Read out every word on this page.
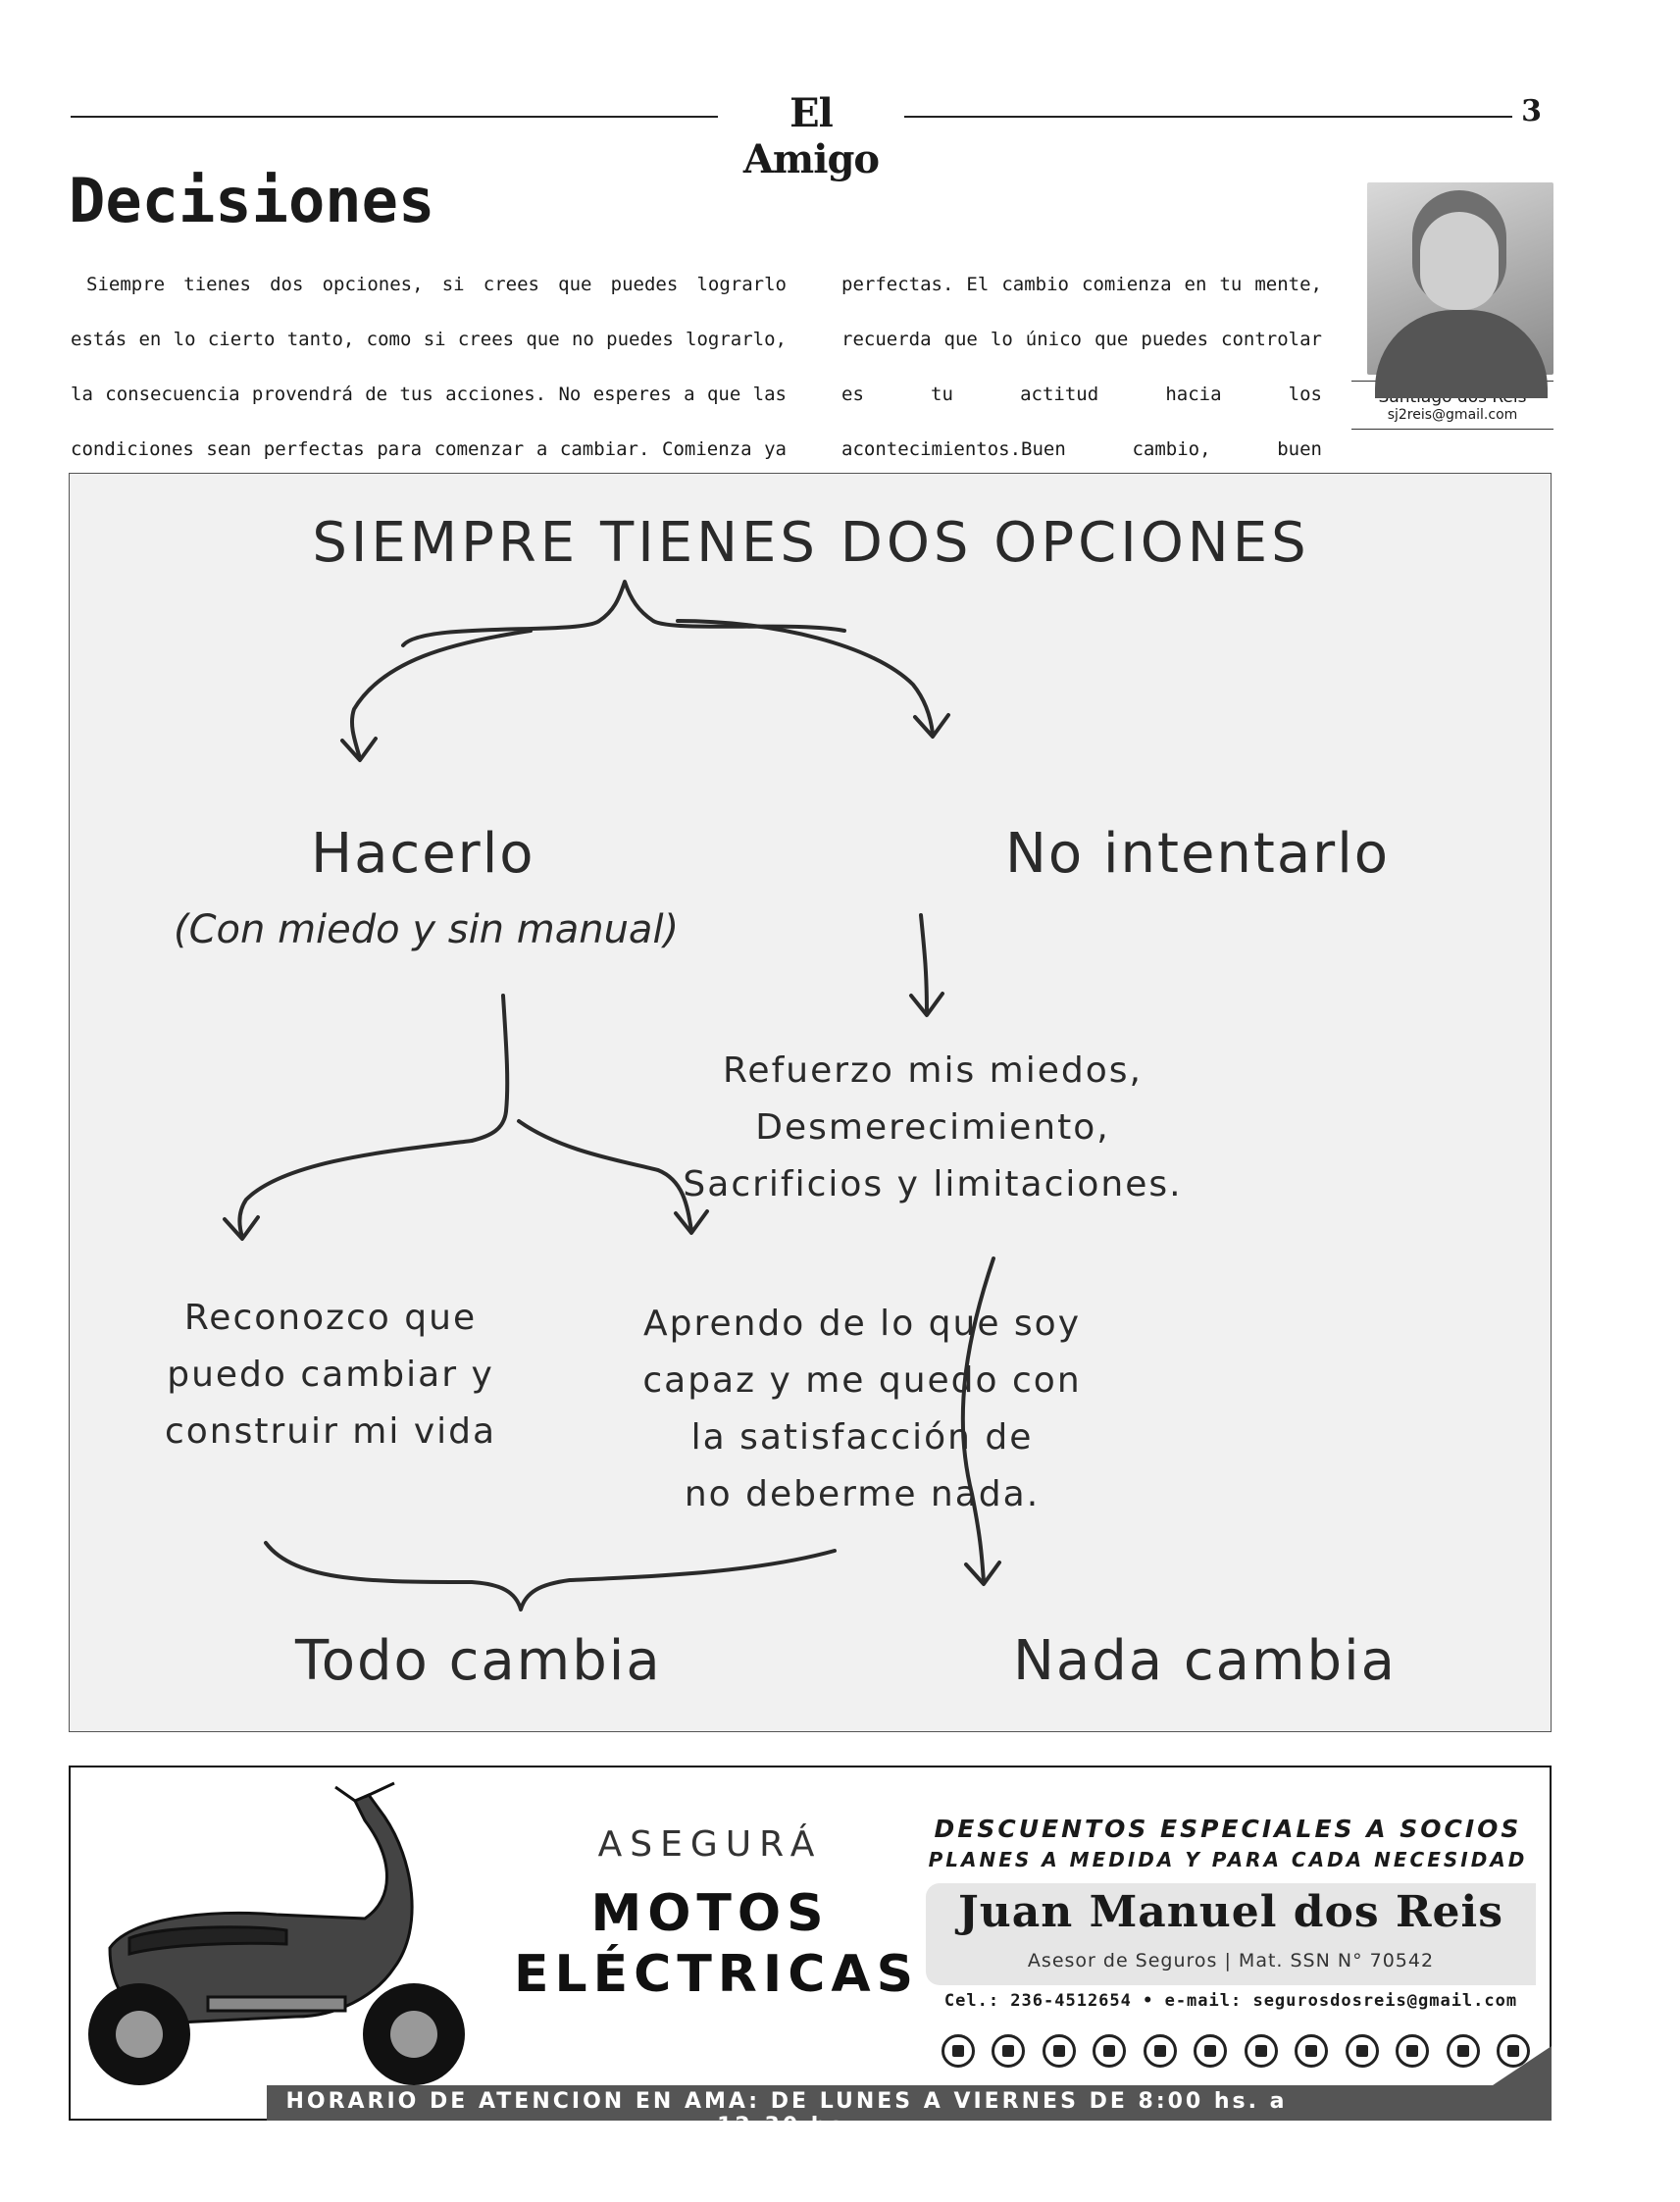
El Amigo
3
Decisiones
Siempre tienes dos opciones, si crees que puedes lograrlo estás en lo cierto tanto, como si crees que no puedes lograrlo, la consecuencia provendrá de tus acciones. No esperes a que las condiciones sean perfectas para comenzar a cambiar. Comienza ya
perfectas. El cambio comienza en tu mente, recuerda que lo único que puedes controlar es tu actitud hacia los acontecimientos.Buen cambio, buen
sj2reis@gmail.com
SIEMPRE TIENES DOS OPCIONES
Hacerlo
(Con miedo y sin manual)
No intentarlo
Refuerzo mis miedos,
Desmerecimiento,
Sacrificios y limitaciones.
Reconozco que
puedo cambiar y
construir mi vida
Aprendo de lo que soy
capaz y me quedo con
la satisfacción de
no deberme nada.
Todo cambia	Nada cambia
ASEGURÁ
MOTOS
ELÉCTRICAS
DESCUENTOS ESPECIALES A SOCIOS
PLANES A MEDIDA Y PARA CADA NECESIDAD
Juan Manuel dos Reis
Asesor de Seguros | Mat. SSN N° 70542
Cel.: 236-4512654 • e-mail: segurosdosreis@gmail.com
HORARIO DE ATENCION EN AMA: DE LUNES A VIERNES DE 8:00 hs. a 12:30 hs.
